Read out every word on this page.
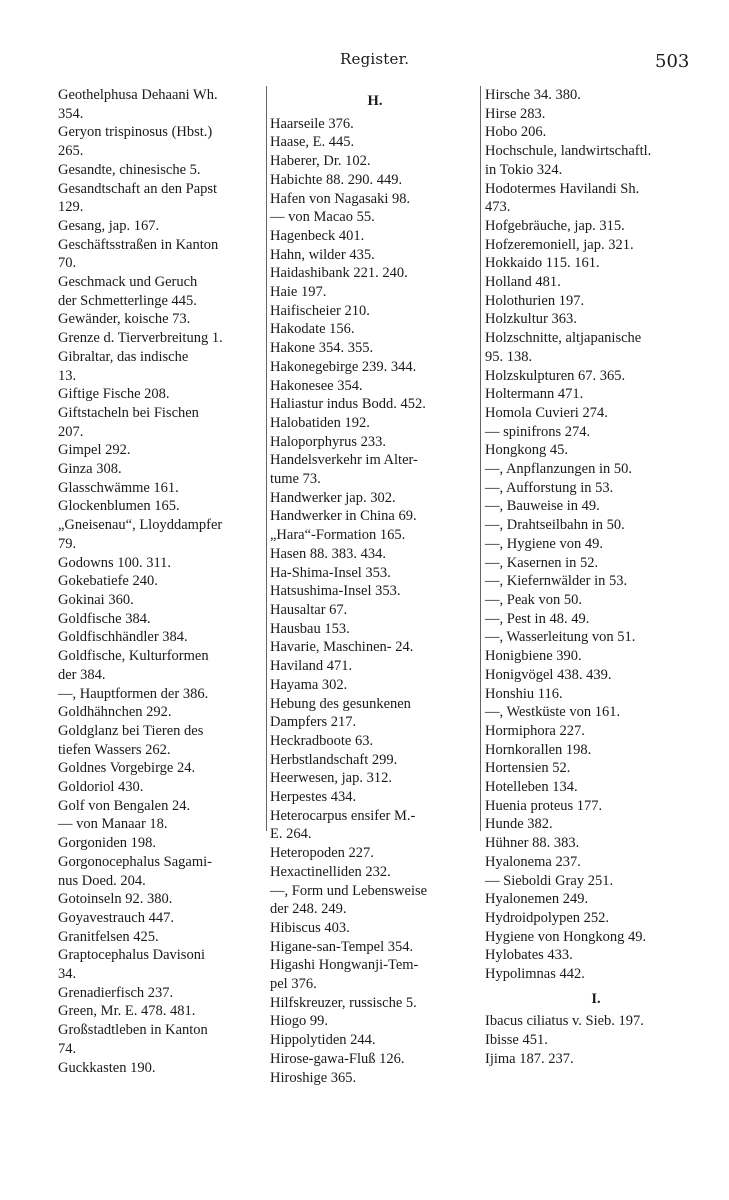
Register.	503
Geothelphusa Dehaani Wh.
354.
Geryon trispinosus (Hbst.)
265.
Gesandte, chinesische 5.
Gesandtschaft an den Papst
129.
Gesang, jap. 167.
Geschäftsstraßen in Kanton
70.
Geschmack und Geruch
der Schmetterlinge 445.
Gewänder, koische 73.
Grenze d. Tierverbreitung 1.
Gibraltar, das indische
13.
Giftige Fische 208.
Giftstacheln bei Fischen
207.
Gimpel 292.
Ginza 308.
Glasschwämme 161.
Glockenblumen 165.
„Gneisenau“, Lloyddampfer
79.
Godowns 100. 311.
Gokebatiefe 240.
Gokinai 360.
Goldfische 384.
Goldfischhändler 384.
Goldfische, Kulturformen
der 384.
—, Hauptformen der 386.
Goldhähnchen 292.
Goldglanz bei Tieren des
tiefen Wassers 262.
Goldnes Vorgebirge 24.
Goldoriol 430.
Golf von Bengalen 24.
— von Manaar 18.
Gorgoniden 198.
Gorgonocephalus Sagami-
nus Doed. 204.
Gotoinseln 92. 380.
Goyavestrauch 447.
Granitfelsen 425.
Graptocephalus Davisoni
34.
Grenadierfisch 237.
Green, Mr. E. 478. 481.
Großstadtleben in Kanton
74.
Guckkasten 190.
H.
Haarseile 376.
Haase, E. 445.
Haberer, Dr. 102.
Habichte 88. 290. 449.
Hafen von Nagasaki 98.
— von Macao 55.
Hagenbeck 401.
Hahn, wilder 435.
Haidashibank 221. 240.
Haie 197.
Haifischeier 210.
Hakodate 156.
Hakone 354. 355.
Hakonegebirge 239. 344.
Hakonesee 354.
Haliastur indus Bodd. 452.
Halobatiden 192.
Haloporphyrus 233.
Handelsverkehr im Alter-
tume 73.
Handwerker jap. 302.
Handwerker in China 69.
„Hara“-Formation 165.
Hasen 88. 383. 434.
Ha-Shima-Insel 353.
Hatsushima-Insel 353.
Hausaltar 67.
Hausbau 153.
Havarie, Maschinen- 24.
Haviland 471.
Hayama 302.
Hebung des gesunkenen
Dampfers 217.
Heckradboote 63.
Herbstlandschaft 299.
Heerwesen, jap. 312.
Herpestes 434.
Heterocarpus ensifer M.-
E. 264.
Heteropoden 227.
Hexactinelliden 232.
—, Form und Lebensweise
der 248. 249.
Hibiscus 403.
Higane-san-Tempel 354.
Higashi Hongwanji-Tem-
pel 376.
Hilfskreuzer, russische 5.
Hiogo 99.
Hippolytiden 244.
Hirose-gawa-Fluß 126.
Hiroshige 365.
Hirsche 34. 380.
Hirse 283.
Hobo 206.
Hochschule, landwirtschaftl.
in Tokio 324.
Hodotermes Havilandi Sh.
473.
Hofgebräuche, jap. 315.
Hofzeremoniell, jap. 321.
Hokkaido 115. 161.
Holland 481.
Holothurien 197.
Holzkultur 363.
Holzschnitte, altjapanische
95. 138.
Holzskulpturen 67. 365.
Holtermann 471.
Homola Cuvieri 274.
— spinifrons 274.
Hongkong 45.
—, Anpflanzungen in 50.
—, Aufforstung in 53.
—, Bauweise in 49.
—, Drahtseilbahn in 50.
—, Hygiene von 49.
—, Kasernen in 52.
—, Kiefernwälder in 53.
—, Peak von 50.
—, Pest in 48. 49.
—, Wasserleitung von 51.
Honigbiene 390.
Honigvögel 438. 439.
Honshiu 116.
—, Westküste von 161.
Hormiphora 227.
Hornkorallen 198.
Hortensien 52.
Hotelleben 134.
Huenia proteus 177.
Hunde 382.
Hühner 88. 383.
Hyalonema 237.
— Sieboldi Gray 251.
Hyalonemen 249.
Hydroidpolypen 252.
Hygiene von Hongkong 49.
Hylobates 433.
Hypolimnas 442.
I.
Ibacus ciliatus v. Sieb. 197.
Ibisse 451.
Ijima 187. 237.
